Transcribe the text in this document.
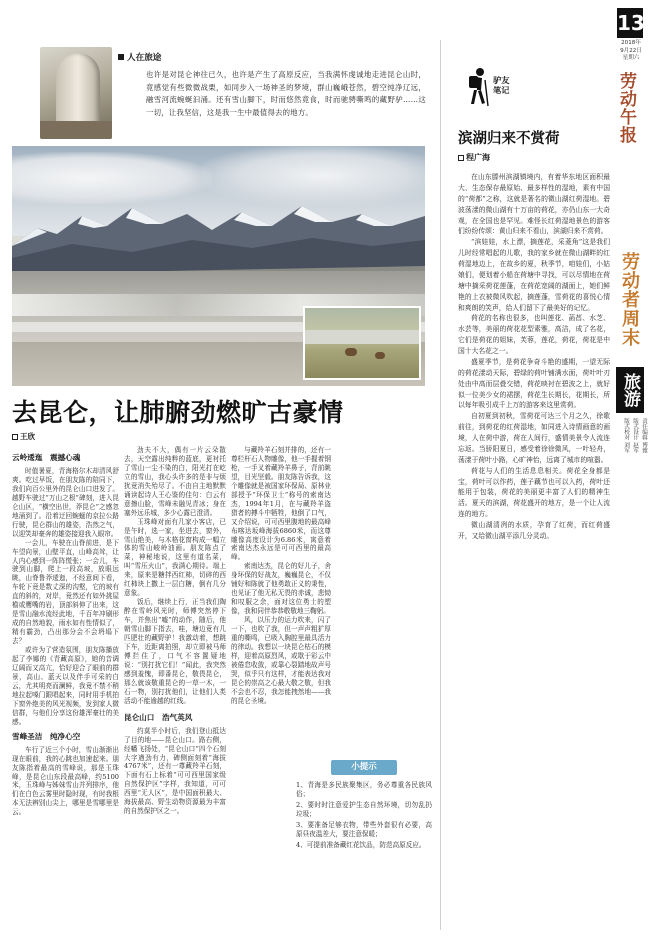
人在旅途
也许是对昆仑神往已久，也许是产生了高原反应，当我满怀虔诚地走进昆仑山时，竟感觉有些微微战栗，如同步入一场神圣的梦境，群山巍峨苍然，碧空纯净辽远，融雪河流蜿蜒汩涌。还有雪山脚下，时而悠然竟食，时而驰骋嘶鸣的藏野驴……这一切，让我坚信，这是我一生中最值得去的地方。
去昆仑，让肺腑劲燃旷古豪情
王欣
云岭逶迤　震撼心魂
时值暑夏，青海格尔木却清风舒爽。吃过早饭，在朋友陈的陪同下，我们向百公里外的昆仑山口进发了。越野车驶过“万山之根”碑刻，进入昆仑山区，“横空出世，莽昆仑”之感忽地涌到了。沿着迂回蜿蜒的京拉公路行驶，昆仑群山的雄姿，浩然之气，以迎笑却豪奔的雄姿接迎我入眼帘。
一会儿，车驶在山脊前进，是下车望向景，山壁平直，山峰高耸，让人内心感到一阵阵慌张；一会儿，车驶到山脚，爬上一段高坡，放眼远眺，山脊鲁莽逶迤，不经意间下看，车轮下竟是数丈深的沟壑，它的坡有直的斜的，对岸，竟然还有如外挑屋檐或鹰嘴的岩，顶部斜伸了出来，这是雪山融水流经此地，千百年冲刷形成的自然地貌，雨水如有性情似了，精有霸劲，凸出那分会不会坍塌下去？
或许为了营造氛围，朋友陈播放起了李娜的《青藏高原》，她的音调辽阔而又高亢，恰好迎合了眼前的群景，高山、蓝天以及伴手可采的白云，尤其明亮而澜鲜，我竟不禁不稍地拉起嗓门跟唱起来，同时用手机拍下窗外绝美的风光视频，发到家人微信群，与他们分享这份雄浑豪壮的美感。
雪峰圣洁　纯净心空
车行了近三个小时，雪山渐渐出现在眼前，我的心跳也加速起来。朋友陈指着最高的雪峰说，那是玉珠峰，是昆仑山东段最高峰，约5100米，玉珠峰与姊妹雪山并列排序，他们在白色云雾里时隐时现，有时我根本无法辨别山尖上，哪里是雪哪里是云。
劲夫不大，偶有一片云朵散去，天空露出纯粹的蓝底，更衬托了雪山一尘不染的白，阳光打在屹立的雪山，我心头许多的是非与烦扰竟消失殆尽了。不由自主地默默诵读起诗人王心鉴的佳句：白云有意擦山脸，雪峰未融见青冰；身在塞外远乐城，多少心露已澄清。
玉珠峰对面有几家小客店，已是午时，选一家，坐进去，窗外，雪山绝美，与木格花窗构成一幅立体的雪山峻岭油画。朋友陈点了菜，神秘地说，这里有道名菜，叫“雪压火山”，我满心期待。端上来，原来是糖拌西红柿，切碎的西红柿块上撒上一层白糖，倒有几分意象。
饭后，继续上行，正当我们陶醉在雪岭风光时，师傅突然停下车，并焦出“嘘”的动作，随后，他朝雪山脚下指去，哇，塘边竟有几匹肥壮的藏野驴！我激动着，想跳下车，近距离拍照，却立即被马师傅拦住了，口气不容置疑地说：“别打扰它们！”闻此，我突然感到羞愧，即番昆仑，敬畏昆仑，那么就该敬重昆仑的一草一木，一石一物，别打扰他们，让他们人类活动不能逾越的红线。
昆仑山口　浩气英风
约莫半小时后，我们登山抵达了目的地——昆仑山口。路右侧，经幡飞扬处，“昆仑山口”四个石刻大字遒劲有力，碑侧面刻着“海拔4767米”，还有一尊藏羚羊石刻，下面有石上标着“可可西里国家级自然保护区”字样，我知道，可可西里“无人区”，是中国面积最大、海拔最高、野生动物资源最为丰富的自然保护区之一。
与藏羚羊石刻并排的，还有一尊栏杆石人物雕像，他一手握着钢枪，一手叉着藏羚羊鼻子，背前眺望，目光坚毅。朋友陈告诉我，这个雕像就是被国家环保局、原林业部授予“环保卫士”称号的索南达杰，1994年1月，在与藏羚羊盗猎者的搏斗中牺牲，他倒了口气，又介绍说，可可西里腹地的最高峰布喀达坂峰海拔6860米，而这尊雕像高度设计为6.86米，寓意着索南达杰永远是可可西里的最高峰。
索南达杰，昆仑的好儿子，舍身环保的好战友，巍巍昆仑，不仅铺好和陈就了他勇敢正义的秉性，也见证了他无私无畏的赤诚，悲恸和叹服之余，面对这位勇士的塑像，我和同伴恭恭敬敬地三鞠躬。
风，以压力的运力吹来，闪了一下，也吹了我，但一声声粗犷厚重的嘶鸣，已吸入胸腔里最具活力的律动。我想以一块昆仑枯石的模样，迎着高原烈风，或歇于彩云中被倦怠收敛，或靠心裂踏地故声号哭，似乎只有这样，才能表达我对昆仑的崇高之心最大敬之敬，但我不会也不忍，我怎能拽然地——我的昆仑圣境。
小提示
1、青海是多民族聚集区，务必尊重各民族风俗；
2、要时时注意爱护生态自然环境，切勿乱扔垃圾；
3、要准备足够衣物，带些外套很有必要，高原昼夜温差大，要注意保暖；
4、可提前准备藏红花饮品，防范高原反应。
13
2018年
9月22日
星期六
劳动午报
驴友笔记
滨湖归来不赏荷
程广海
在山东滕州滨湖镇境内，有着华东地区面积最大、生态保存最原始、最多样性的湿地，素有中国的“荷都”之称，这就是著名的微山湖红荷湿地。碧波荡漾的微山湖有十万亩的荷花，亦仍山东一大奇观，在全国也是罕见。难怪长红荷湿地景色的游客们纷纷传颂：黄山归来不看山，滨湖归来不赏荷。
“滨娃娃，水上漂，摘莲花，采菱角”这是我们儿时经常唱起的儿歌，我的家乡就在微山湖畔的红荷湿地边上，在故乡的夏，秋季节，咱娃们，小姑娘们，便划着小船在荷塘中寻找，可以尽情地在荷塘中摘采荷花莲蓬，在荷花宽阔的湖面上，她们鲜艳的上衣被微风吹起，摘莲蓬，雪荷花的喜悦心情和爽朗的笑声，给人们留下了最美好的记忆。
荷花的名称也很多，也叫莲花、菡萏、水芝、水芸等，美丽的荷花花型素雅，高洁，成了名花，它们是荷花的姐妹，芙蓉，莲花，荷花，荷花是中国十大名花之一。
盛夏季节，是荷花争奇斗艳的盛期，一望无际的荷花漾动天际，碧绿的荷叶铺满水面，荷叶叶刃处由中高而层叠交错，荷花映衬在碧波之上，就好似一位美少女的裙摆，荷花生长期长，花期长，所以每年吸引成千上万的游客来这里赏荷。
自初夏到初秋，雪荷花可达三个月之久，徐歌前往，到荷花的红荷湿地，如同进入诗情画意的画境，人在荷中游，荷在人间行，盛情美景令人流连忘返。当骄阳夏日，感受着徐徐微风，一叶轻舟，荡漾于荷叶小路，心旷神怡，远离了城市的喧嚣。
荷花与人们的生活息息相关。荷花全身都是宝，荷叶可以作药，莲子藕节也可以入药，荷叶还能用于包装，荷花的美丽更丰富了人们的精神生活。夏天的滨湖，荷花盛开的地方，是一个让人流连的地方。
微山湖清冽的水质，孕育了红荷，而红荷盛开，又给微山湖平添几分灵动。
劳动者周末
旅游
责任编辑 博雅
版式设计 赵军
版式校对 刘军
